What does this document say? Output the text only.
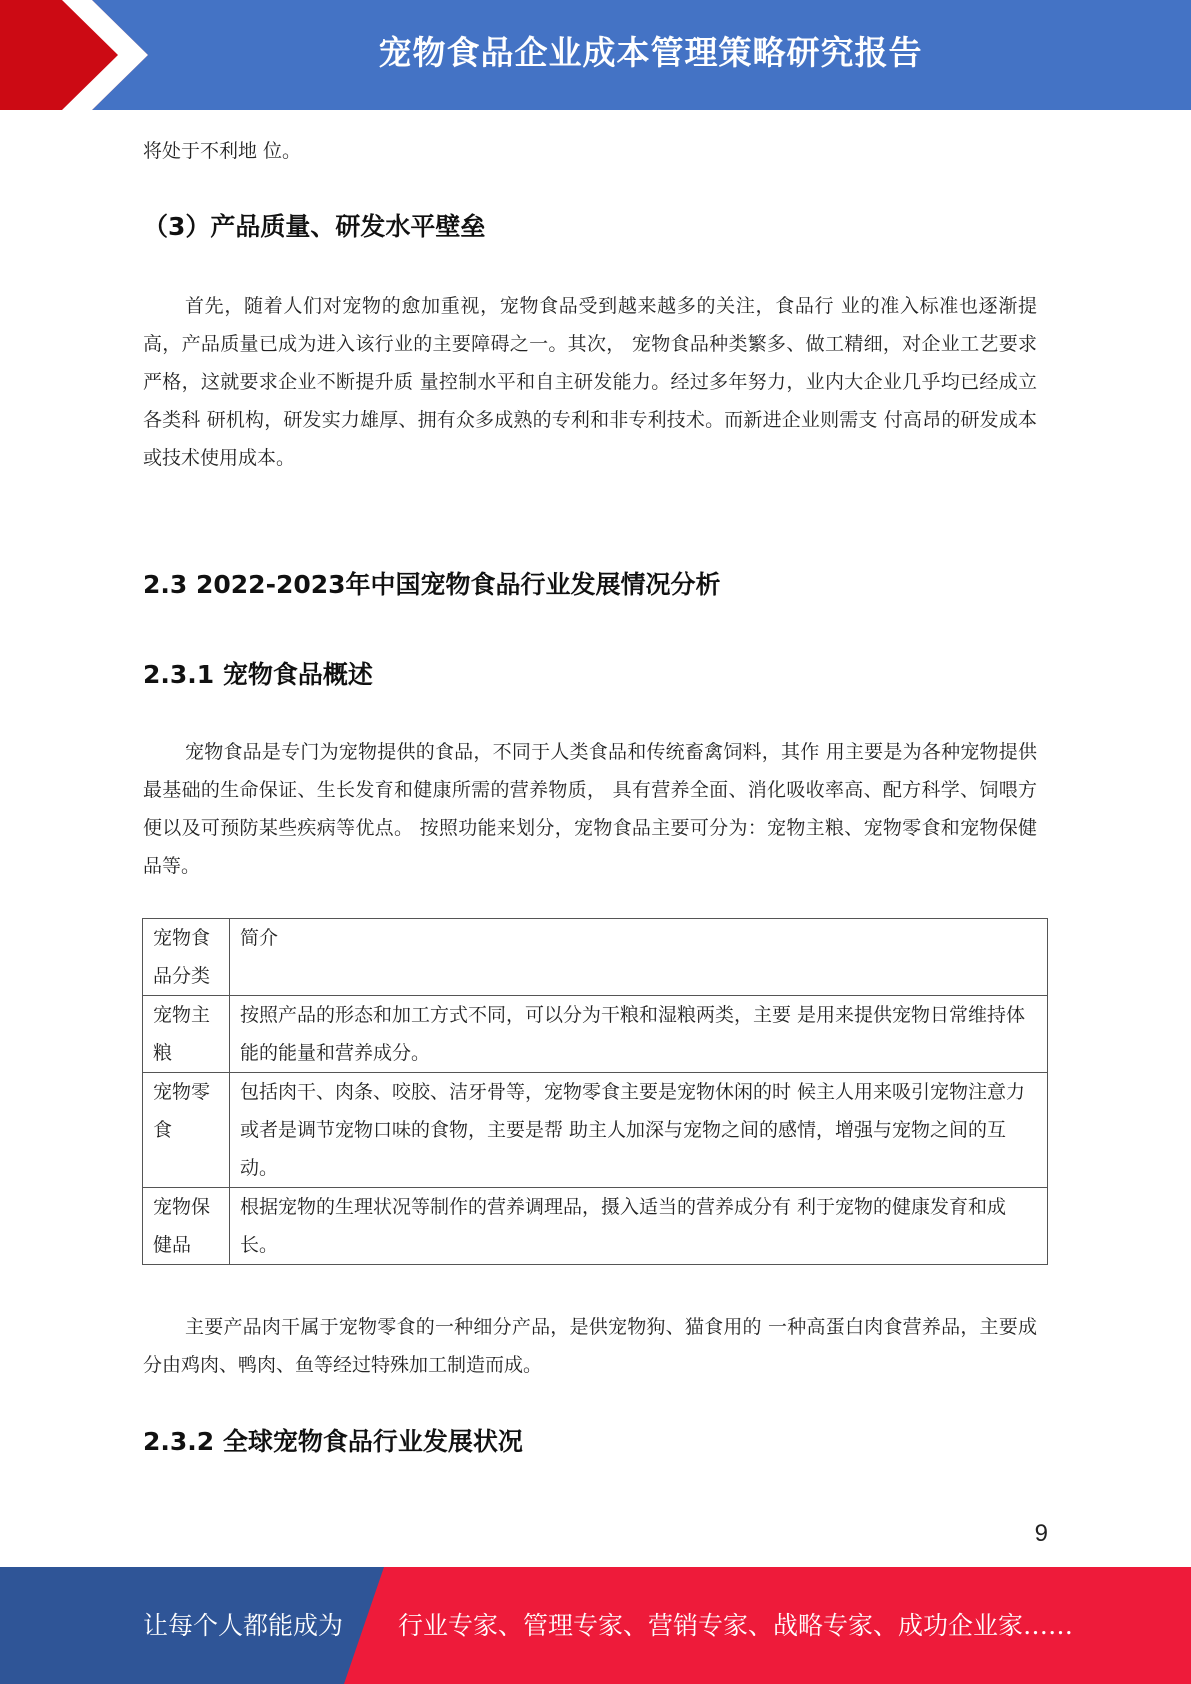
宠物食品企业成本管理策略研究报告

将处于不利地 位。

（3）产品质量、研发水平壁垒

首先，随着人们对宠物的愈加重视，宠物食品受到越来越多的关注，食品行 业的准入标准也逐渐提高，产品质量已成为进入该行业的主要障碍之一。其次， 宠物食品种类繁多、做工精细，对企业工艺要求严格，这就要求企业不断提升质 量控制水平和自主研发能力。经过多年努力，业内大企业几乎均已经成立各类科 研机构，研发实力雄厚、拥有众多成熟的专利和非专利技术。而新进企业则需支 付高昂的研发成本或技术使用成本。

2.3 2022-2023年中国宠物食品行业发展情况分析
2.3.1 宠物食品概述

宠物食品是专门为宠物提供的食品，不同于人类食品和传统畜禽饲料，其作 用主要是为各种宠物提供最基础的生命保证、生长发育和健康所需的营养物质， 具有营养全面、消化吸收率高、配方科学、饲喂方便以及可预防某些疾病等优点。 按照功能来划分，宠物食品主要可分为：宠物主粮、宠物零食和宠物保健品等。

宠物食品分类	简介
宠物主粮	按照产品的形态和加工方式不同，可以分为干粮和湿粮两类，主要 是用来提供宠物日常维持体能的能量和营养成分。
宠物零食	包括肉干、肉条、咬胶、洁牙骨等，宠物零食主要是宠物休闲的时 候主人用来吸引宠物注意力或者是调节宠物口味的食物，主要是帮 助主人加深与宠物之间的感情，增强与宠物之间的互动。
宠物保健品	根据宠物的生理状况等制作的营养调理品，摄入适当的营养成分有 利于宠物的健康发育和成长。

主要产品肉干属于宠物零食的一种细分产品，是供宠物狗、猫食用的 一种高蛋白肉食营养品，主要成分由鸡肉、鸭肉、鱼等经过特殊加工制造而成。

2.3.2 全球宠物食品行业发展状况
9
让每个人都能成为 行业专家、管理专家、营销专家、战略专家、成功企业家……
